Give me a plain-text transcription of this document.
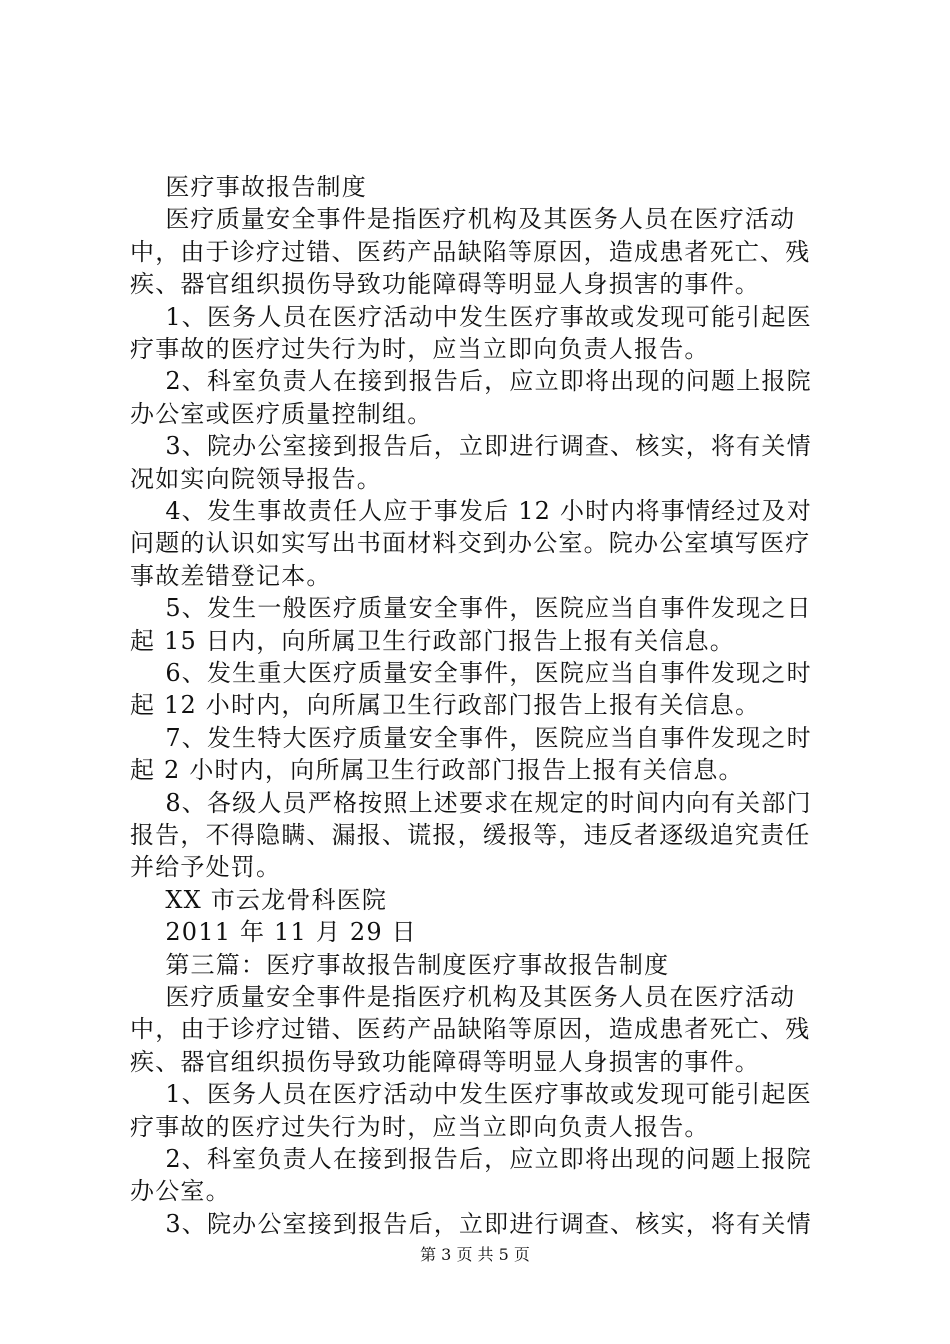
医疗事故报告制度
医疗质量安全事件是指医疗机构及其医务人员在医疗活动
中，由于诊疗过错、医药产品缺陷等原因，造成患者死亡、残
疾、器官组织损伤导致功能障碍等明显人身损害的事件。
1、医务人员在医疗活动中发生医疗事故或发现可能引起医
疗事故的医疗过失行为时，应当立即向负责人报告。
2、科室负责人在接到报告后，应立即将出现的问题上报院
办公室或医疗质量控制组。
3、院办公室接到报告后，立即进行调查、核实，将有关情
况如实向院领导报告。
4、发生事故责任人应于事发后 12 小时内将事情经过及对
问题的认识如实写出书面材料交到办公室。院办公室填写医疗
事故差错登记本。
5、发生一般医疗质量安全事件，医院应当自事件发现之日
起 15 日内，向所属卫生行政部门报告上报有关信息。
6、发生重大医疗质量安全事件，医院应当自事件发现之时
起 12 小时内，向所属卫生行政部门报告上报有关信息。
7、发生特大医疗质量安全事件，医院应当自事件发现之时
起 2 小时内，向所属卫生行政部门报告上报有关信息。
8、各级人员严格按照上述要求在规定的时间内向有关部门
报告，不得隐瞒、漏报、谎报，缓报等，违反者逐级追究责任
并给予处罚。
XX 市云龙骨科医院
2011 年 11 月 29 日
第三篇：医疗事故报告制度医疗事故报告制度
医疗质量安全事件是指医疗机构及其医务人员在医疗活动
中，由于诊疗过错、医药产品缺陷等原因，造成患者死亡、残
疾、器官组织损伤导致功能障碍等明显人身损害的事件。
1、医务人员在医疗活动中发生医疗事故或发现可能引起医
疗事故的医疗过失行为时，应当立即向负责人报告。
2、科室负责人在接到报告后，应立即将出现的问题上报院
办公室。
3、院办公室接到报告后，立即进行调查、核实，将有关情
第 3 页 共 5 页
